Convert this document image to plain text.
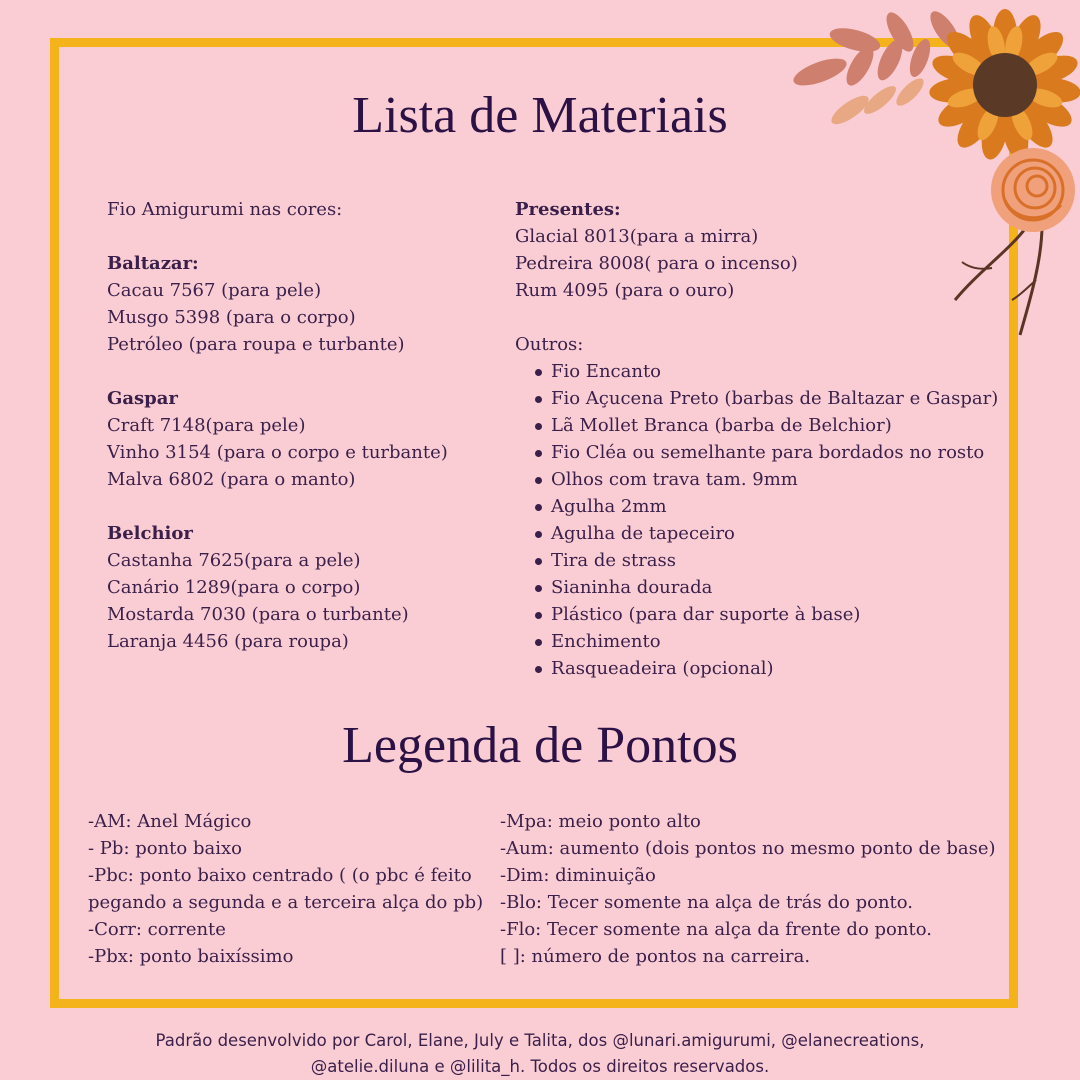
Lista de Materiais

Fio Amigurumi nas cores:

Baltazar:

Cacau 7567 (para pele)

Musgo 5398 (para o corpo)

Petróleo (para roupa e turbante)

Gaspar

Craft 7148(para pele)

Vinho 3154 (para o corpo e turbante)

Malva 6802 (para o manto)

Belchior

Castanha 7625(para a pele)

Canário 1289(para o corpo)

Mostarda 7030 (para o turbante)

Laranja 4456 (para roupa)

Presentes:

Glacial 8013(para a mirra)

Pedreira 8008( para o incenso)

Rum 4095 (para o ouro)

Outros:

Fio Encanto
Fio Açucena Preto (barbas de Baltazar e Gaspar)
Lã Mollet Branca (barba de Belchior)
Fio Cléa ou semelhante para bordados no rosto
Olhos com trava tam. 9mm
Agulha 2mm
Agulha de tapeceiro
Tira de strass
Sianinha dourada
Plástico (para dar suporte à base)
Enchimento
Rasqueadeira (opcional)
Legenda de Pontos

-AM: Anel Mágico

- Pb: ponto baixo

-Pbc: ponto baixo centrado ( (o pbc é feito

pegando a segunda e a terceira alça do pb)

-Corr: corrente

-Pbx: ponto baixíssimo

-Mpa: meio ponto alto

-Aum: aumento (dois pontos no mesmo ponto de base)

-Dim: diminuição

-Blo: Tecer somente na alça de trás do ponto.

-Flo: Tecer somente na alça da frente do ponto.

[ ]: número de pontos na carreira.

Padrão desenvolvido por Carol, Elane, July e Talita, dos @lunari.amigurumi, @elanecreations,

@atelie.diluna e @lilita_h. Todos os direitos reservados.
